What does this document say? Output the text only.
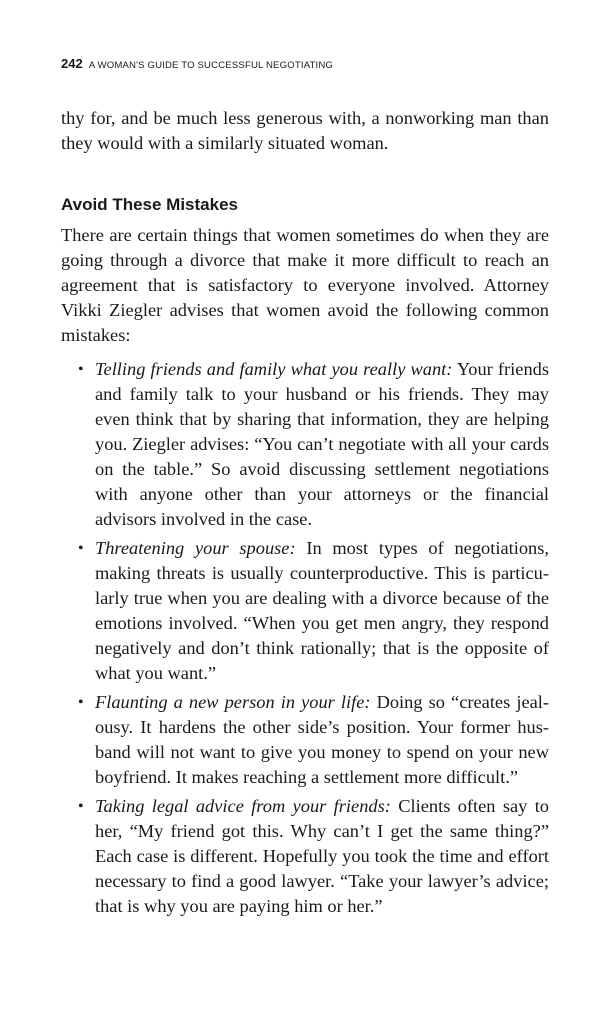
242 A WOMAN'S GUIDE TO SUCCESSFUL NEGOTIATING

thy for, and be much less generous with, a nonworking man than they would with a similarly situated woman.

Avoid These Mistakes

There are certain things that women sometimes do when they are going through a divorce that make it more difficult to reach an agreement that is satisfactory to everyone involved. Attorney Vikki Ziegler advises that women avoid the following common mistakes:

• Telling friends and family what you really want: Your friends and family talk to your husband or his friends. They may even think that by sharing that information, they are helping you. Ziegler advises: “You can’t negotiate with all your cards on the table.” So avoid discussing settlement negotiations with anyone other than your attorneys or the financial advisors involved in the case.
• Threatening your spouse: In most types of negotiations, making threats is usually counterproductive. This is particularly true when you are dealing with a divorce because of the emotions involved. “When you get men angry, they respond negatively and don’t think rationally; that is the opposite of what you want.”
• Flaunting a new person in your life: Doing so “creates jealousy. It hardens the other side’s position. Your former husband will not want to give you money to spend on your new boyfriend. It makes reaching a settlement more difficult.”
• Taking legal advice from your friends: Clients often say to her, “My friend got this. Why can’t I get the same thing?” Each case is different. Hopefully you took the time and effort necessary to find a good lawyer. “Take your lawyer’s advice; that is why you are paying him or her.”
